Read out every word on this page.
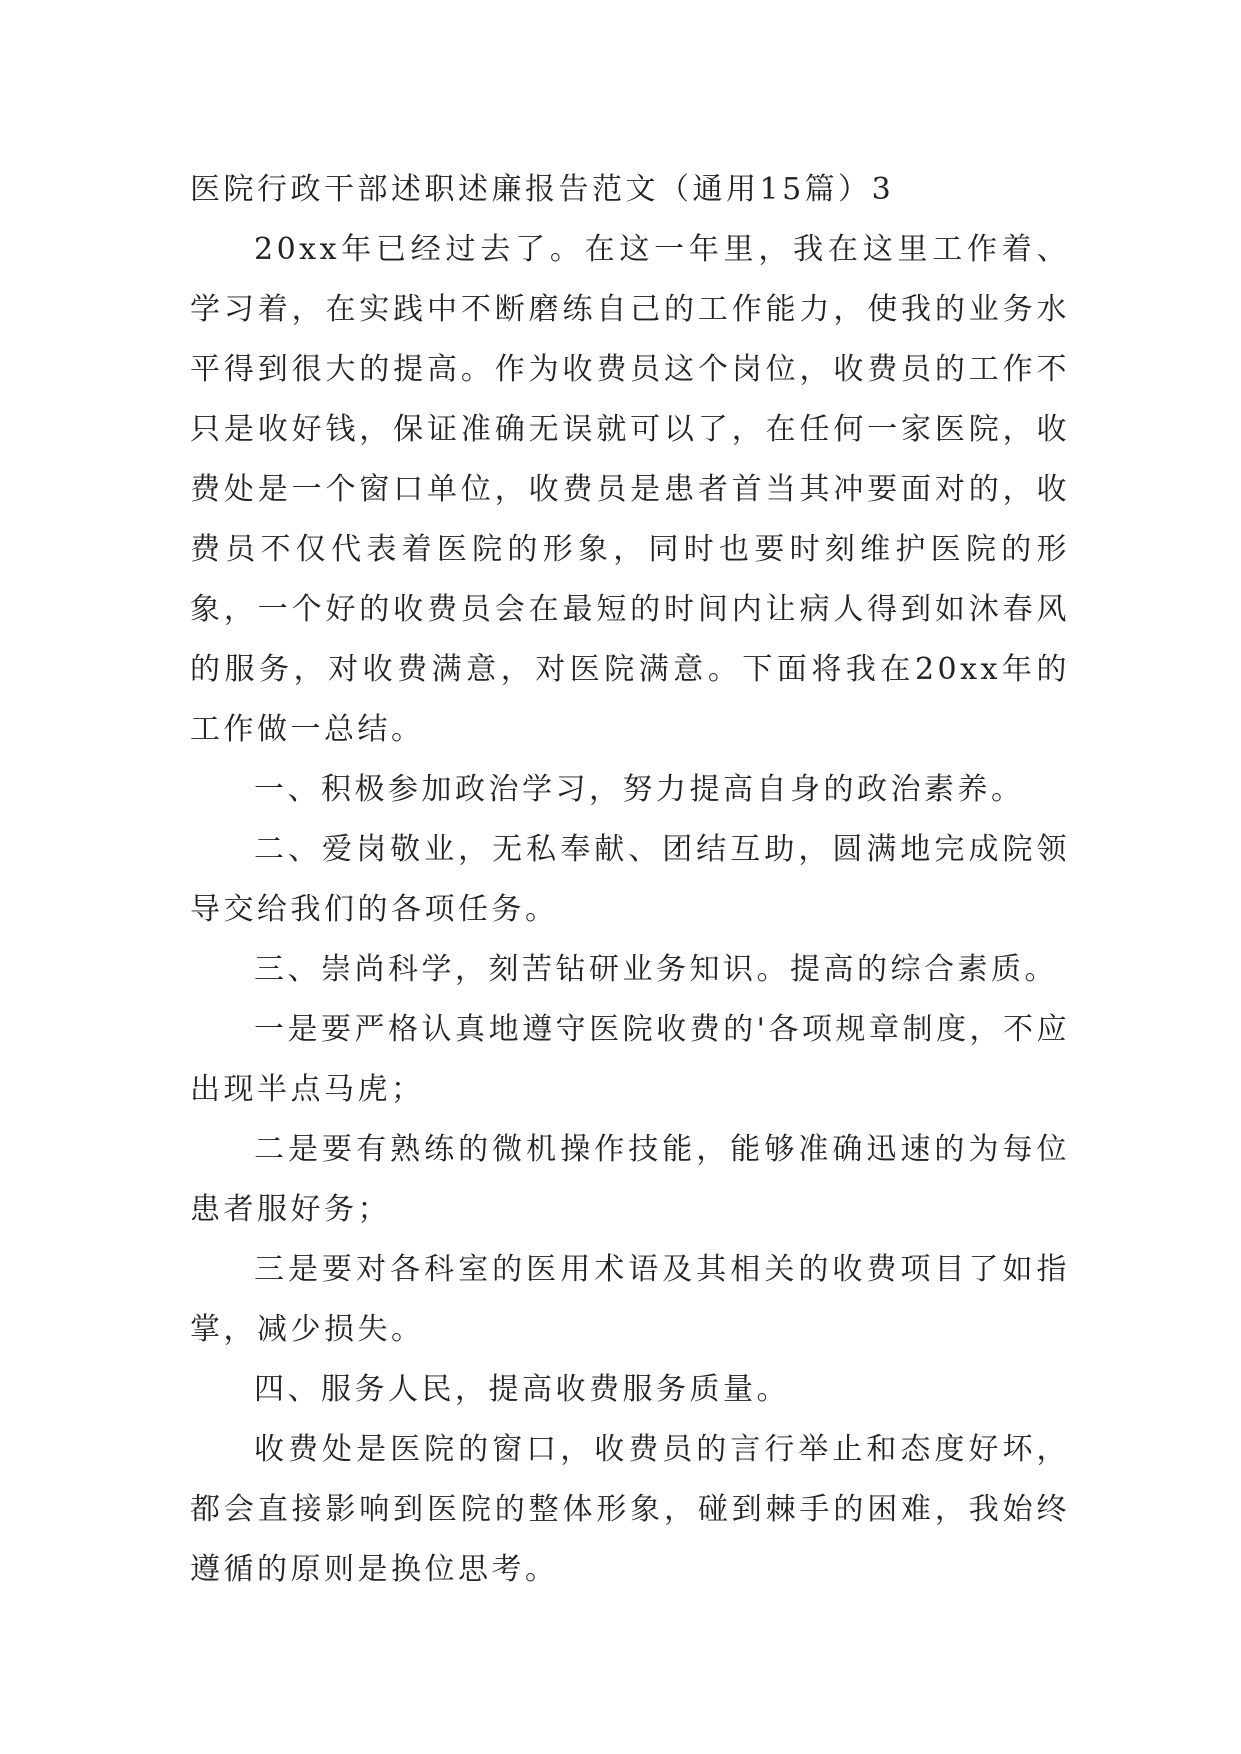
医院行政干部述职述廉报告范文（通用15篇）3

20xx年已经过去了。在这一年里，我在这里工作着、学习着，在实践中不断磨练自己的工作能力，使我的业务水平得到很大的提高。作为收费员这个岗位，收费员的工作不只是收好钱，保证准确无误就可以了，在任何一家医院，收费处是一个窗口单位，收费员是患者首当其冲要面对的，收费员不仅代表着医院的形象，同时也要时刻维护医院的形象，一个好的收费员会在最短的时间内让病人得到如沐春风的服务，对收费满意，对医院满意。下面将我在20xx年的工作做一总结。

一、积极参加政治学习，努力提高自身的政治素养。

二、爱岗敬业，无私奉献、团结互助，圆满地完成院领导交给我们的各项任务。

三、崇尚科学，刻苦钻研业务知识。提高的综合素质。

一是要严格认真地遵守医院收费的'各项规章制度，不应出现半点马虎；

二是要有熟练的微机操作技能，能够准确迅速的为每位患者服好务；

三是要对各科室的医用术语及其相关的收费项目了如指掌，减少损失。

四、服务人民，提高收费服务质量。

收费处是医院的窗口，收费员的言行举止和态度好坏，都会直接影响到医院的整体形象，碰到棘手的困难，我始终遵循的原则是换位思考。
